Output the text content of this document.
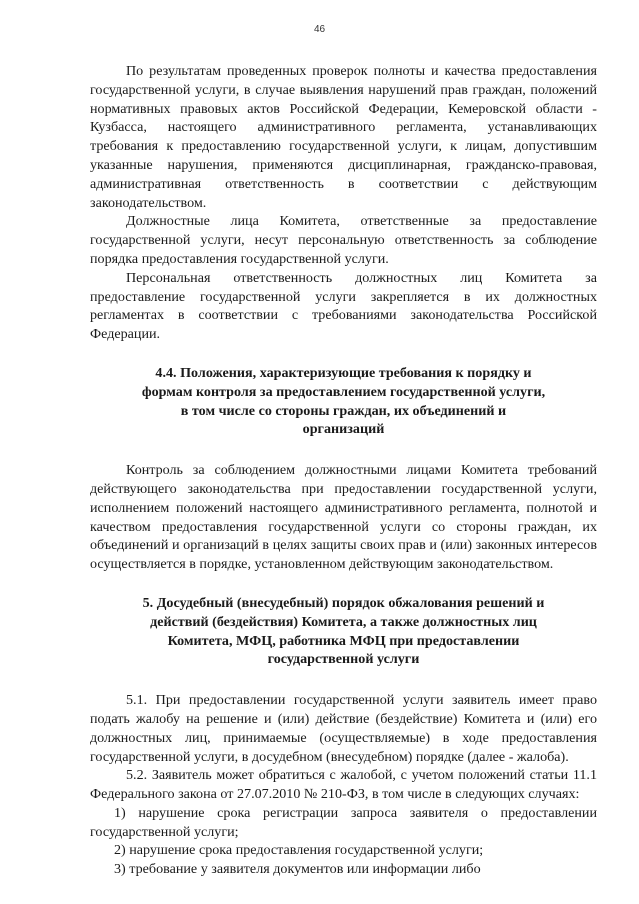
46

По результатам проведенных проверок полноты и качества предоставления государственной услуги, в случае выявления нарушений прав граждан, положений нормативных правовых актов Российской Федерации, Кемеровской области - Кузбасса, настоящего административного регламента, устанавливающих требования к предоставлению государственной услуги, к лицам, допустившим указанные нарушения, применяются дисциплинарная, гражданско-правовая, административная ответственность в соответствии с действующим законодательством.

Должностные лица Комитета, ответственные за предоставление государственной услуги, несут персональную ответственность за соблюдение порядка предоставления государственной услуги.

Персональная ответственность должностных лиц Комитета за предоставление государственной услуги закрепляется в их должностных регламентах в соответствии с требованиями законодательства Российской Федерации.

4.4. Положения, характеризующие требования к порядку и формам контроля за предоставлением государственной услуги, в том числе со стороны граждан, их объединений и организаций

Контроль за соблюдением должностными лицами Комитета требований действующего законодательства при предоставлении государственной услуги, исполнением положений настоящего административного регламента, полнотой и качеством предоставления государственной услуги со стороны граждан, их объединений и организаций в целях защиты своих прав и (или) законных интересов осуществляется в порядке, установленном действующим законодательством.

5. Досудебный (внесудебный) порядок обжалования решений и действий (бездействия) Комитета, а также должностных лиц Комитета, МФЦ, работника МФЦ при предоставлении государственной услуги

5.1. При предоставлении государственной услуги заявитель имеет право подать жалобу на решение и (или) действие (бездействие) Комитета и (или) его должностных лиц, принимаемые (осуществляемые) в ходе предоставления государственной услуги, в досудебном (внесудебном) порядке (далее - жалоба).

5.2. Заявитель может обратиться с жалобой, с учетом положений статьи 11.1 Федерального закона от 27.07.2010 № 210-ФЗ, в том числе в следующих случаях:

1) нарушение срока регистрации запроса заявителя о предоставлении государственной услуги;

2) нарушение срока предоставления государственной услуги;

3) требование у заявителя документов или информации либо
